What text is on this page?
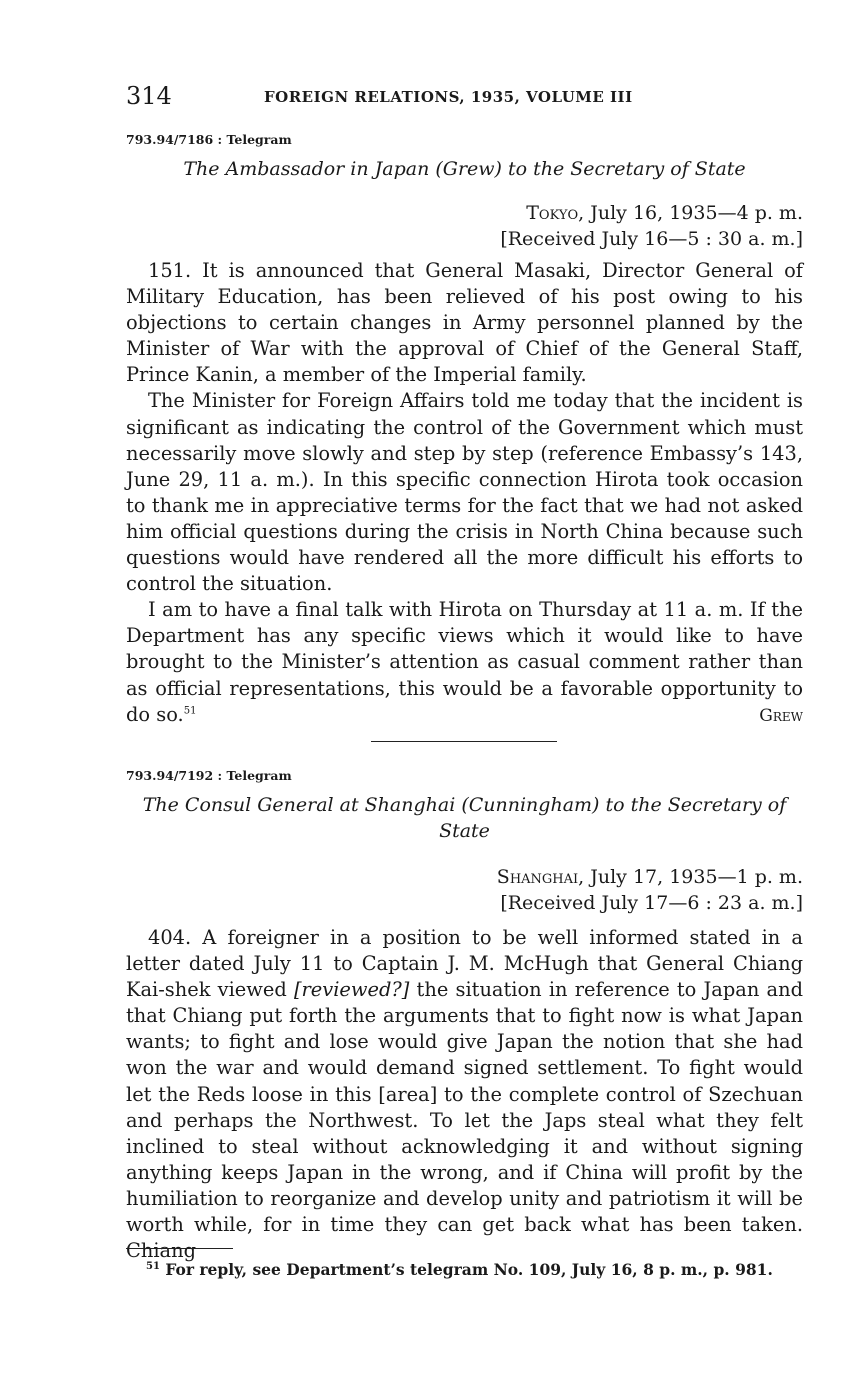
314	FOREIGN RELATIONS, 1935, VOLUME III
793.94/7186 : Telegram
The Ambassador in Japan (Grew) to the Secretary of State
Tokyo, July 16, 1935—4 p. m.
[Received July 16—5 : 30 a. m.]

151. It is announced that General Masaki, Director General of Military Education, has been relieved of his post owing to his objections to certain changes in Army personnel planned by the Minister of War with the approval of Chief of the General Staff, Prince Kanin, a member of the Imperial family.

The Minister for Foreign Affairs told me today that the incident is significant as indicating the control of the Government which must necessarily move slowly and step by step (reference Embassy’s 143, June 29, 11 a. m.). In this specific connection Hirota took occasion to thank me in appreciative terms for the fact that we had not asked him official questions during the crisis in North China because such questions would have rendered all the more difficult his efforts to control the situation.

I am to have a final talk with Hirota on Thursday at 11 a. m. If the Department has any specific views which it would like to have brought to the Minister’s attention as casual comment rather than as official representations, this would be a favorable opportunity to do so.$^{51}$	Grew
793.94/7192 : Telegram
The Consul General at Shanghai (Cunningham) to the Secretary of State
Shanghai, July 17, 1935—1 p. m.
[Received July 17—6 : 23 a. m.]

404. A foreigner in a position to be well informed stated in a letter dated July 11 to Captain J. M. McHugh that General Chiang Kai-shek viewed [reviewed?] the situation in reference to Japan and that Chiang put forth the arguments that to fight now is what Japan wants; to fight and lose would give Japan the notion that she had won the war and would demand signed settlement. To fight would let the Reds loose in this [area] to the complete control of Szechuan and perhaps the Northwest. To let the Japs steal what they felt inclined to steal without acknowledging it and without signing anything keeps Japan in the wrong, and if China will profit by the humiliation to reorganize and develop unity and patriotism it will be worth while, for in time they can get back what has been taken. Chiang

$^{51}$ For reply, see Department’s telegram No. 109, July 16, 8 p. m., p. 981.
